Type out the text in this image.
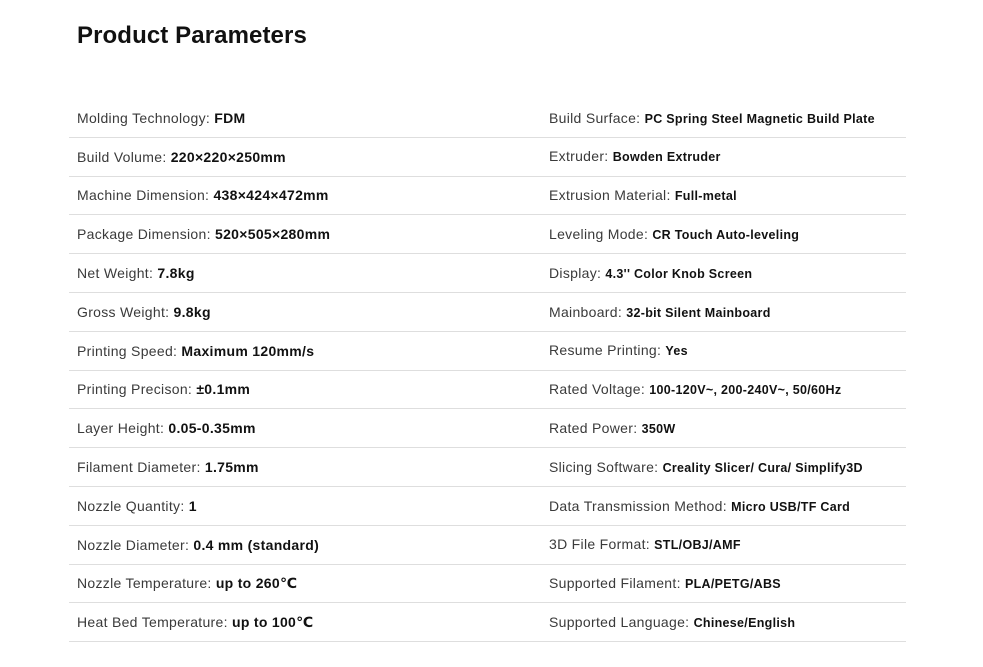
Product Parameters
Molding Technology: FDM	Build Surface: PC Spring Steel Magnetic Build Plate
Build Volume: 220×220×250mm	Extruder: Bowden Extruder
Machine Dimension: 438×424×472mm	Extrusion Material: Full-metal
Package Dimension: 520×505×280mm	Leveling Mode: CR Touch Auto-leveling
Net Weight: 7.8kg	Display: 4.3'' Color Knob Screen
Gross Weight: 9.8kg	Mainboard: 32-bit Silent Mainboard
Printing Speed: Maximum 120mm/s	Resume Printing: Yes
Printing Precison: ±0.1mm	Rated Voltage: 100-120V~, 200-240V~, 50/60Hz
Layer Height: 0.05-0.35mm	Rated Power: 350W
Filament Diameter: 1.75mm	Slicing Software: Creality Slicer/ Cura/ Simplify3D
Nozzle Quantity: 1	Data Transmission Method: Micro USB/TF Card
Nozzle Diameter: 0.4 mm (standard)	3D File Format: STL/OBJ/AMF
Nozzle Temperature: up to 260℃	Supported Filament: PLA/PETG/ABS
Heat Bed Temperature: up to 100℃	Supported Language: Chinese/English
